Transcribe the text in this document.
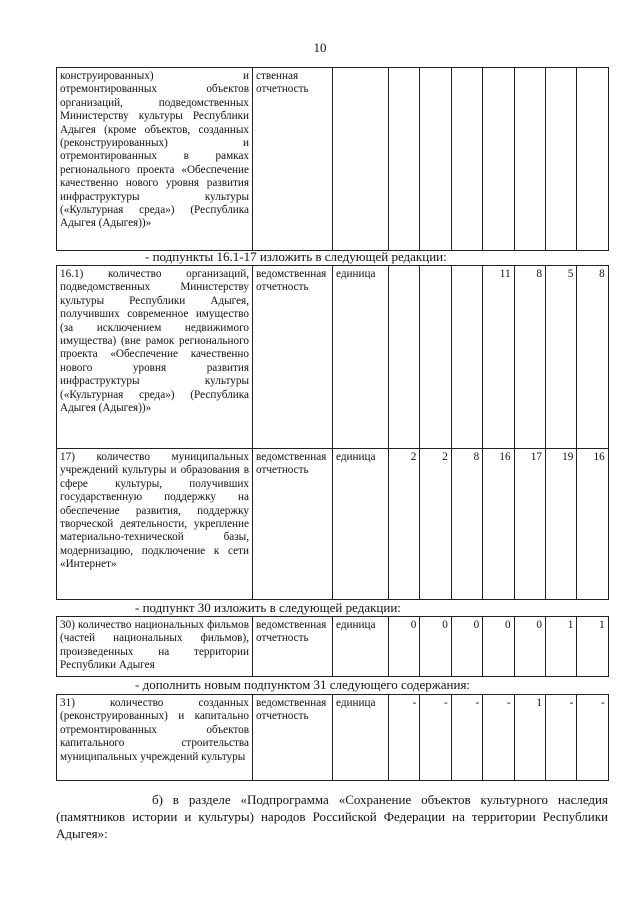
10
конструированных) и отремонтированных объектов организаций, подведомственных Министерству культуры Республики Адыгея (кроме объектов, созданных (реконструированных) и отремонтированных в рамках регионального проекта «Обеспечение качественно нового уровня развития инфраструктуры культуры («Культурная среда») (Республика Адыгея (Адыгея))»	ственная отчетность								
- подпункты 16.1-17 изложить в следующей редакции:
16.1) количество организаций, подведомственных Министерству культуры Республики Адыгея, получивших современное имущество (за исключением недвижимого имущества) (вне рамок регионального проекта «Обеспечение качественно нового уровня развития инфраструктуры культуры («Культурная среда») (Республика Адыгея (Адыгея))»	ведомственная отчетность	единица				11	8	5	8
17) количество муниципальных учреждений культуры и образования в сфере культуры, получивших государственную поддержку на обеспечение развития, поддержку творческой деятельности, укрепление материально-технической базы, модернизацию, подключение к сети «Интернет»	ведомственная отчетность	единица	2	2	8	16	17	19	16
- подпункт 30 изложить в следующей редакции:
30) количество национальных фильмов (частей национальных фильмов), произведенных на территории Республики Адыгея	ведомственная отчетность	единица	0	0	0	0	0	1	1
- дополнить новым подпунктом 31 следующего содержания:
31) количество созданных (реконструированных) и капитально отремонтированных объектов капитального строительства муниципальных учреждений культуры	ведомственная отчетность	единица	-	-	-	-	1	-	-
б) в разделе «Подпрограмма «Сохранение объектов культурного наследия (памятников истории и культуры) народов Российской Федерации на территории Республики Адыгея»:
